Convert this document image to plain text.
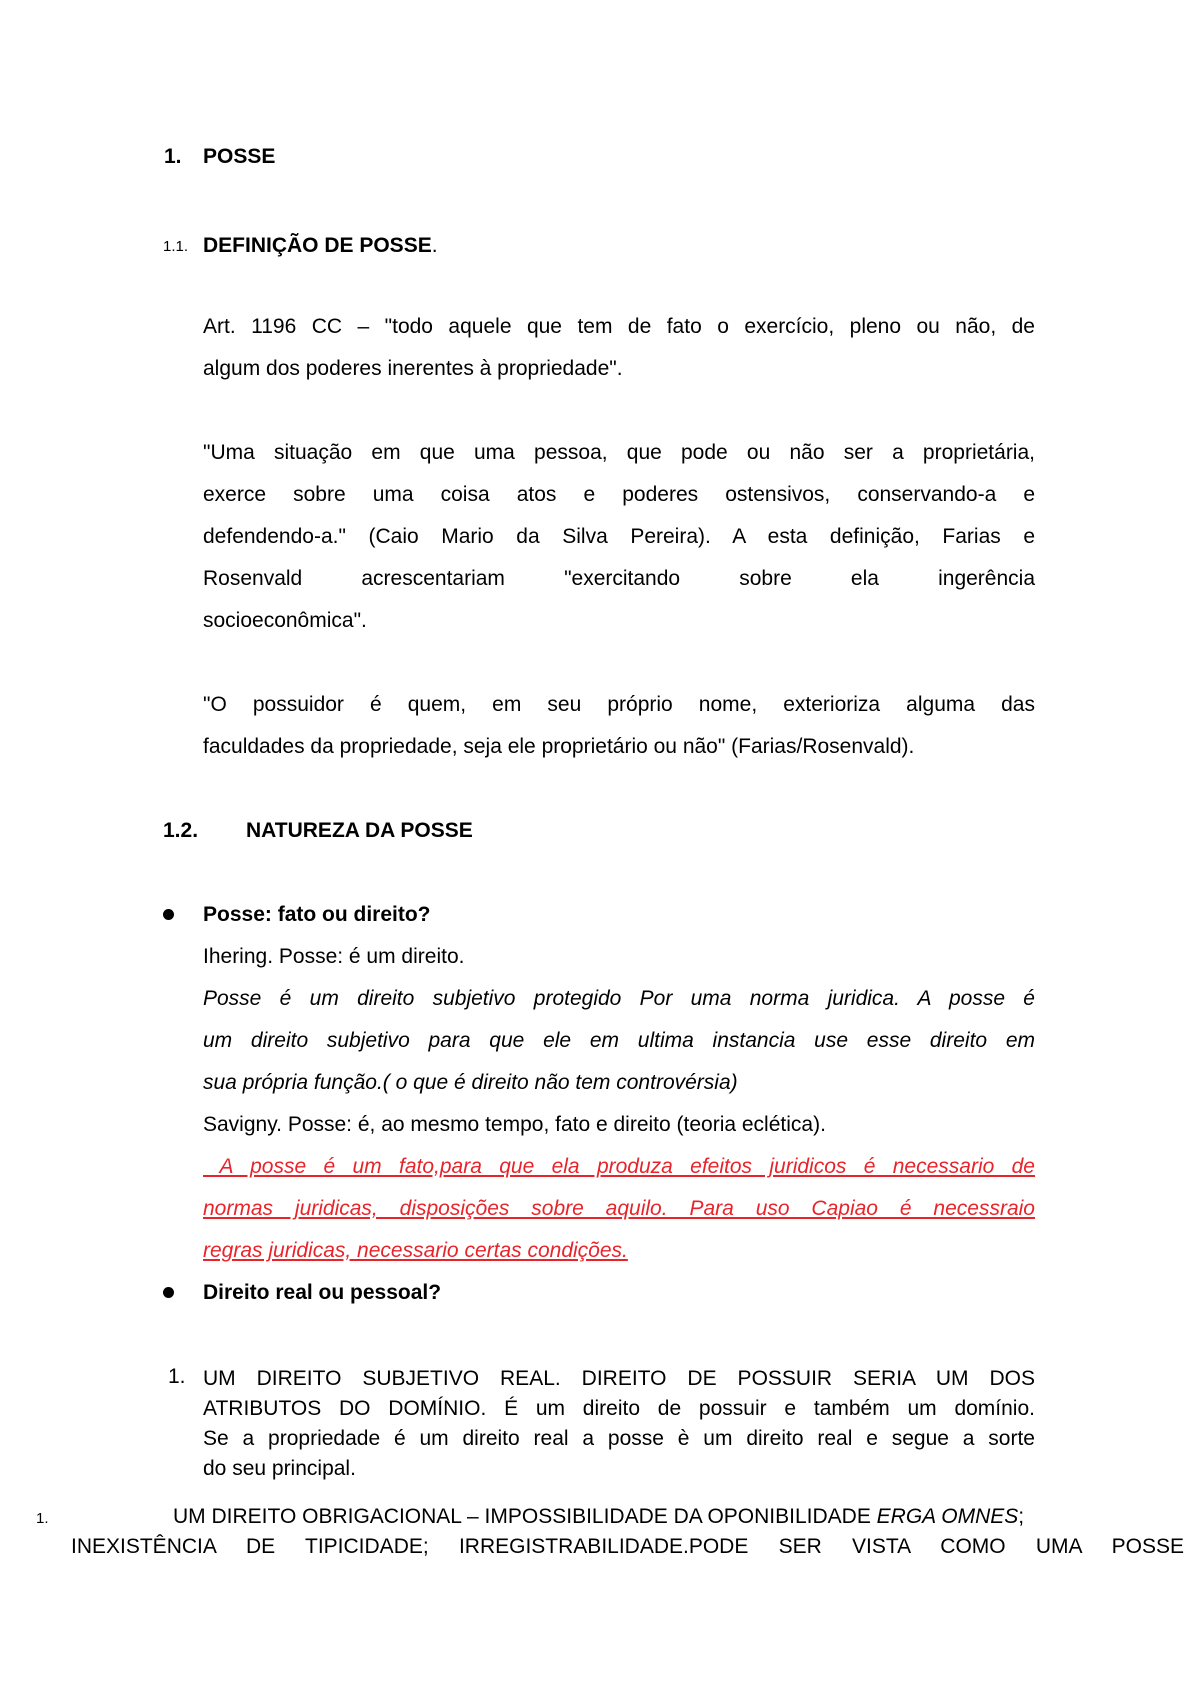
1. POSSE
1.1. DEFINIÇÃO DE POSSE.
Art. 1196 CC – "todo aquele que tem de fato o exercício, pleno ou não, de
algum dos poderes inerentes à propriedade".
"Uma situação em que uma pessoa, que pode ou não ser a proprietária,
exerce sobre uma coisa atos e poderes ostensivos, conservando-a e
defendendo-a." (Caio Mario da Silva Pereira). A esta definição, Farias e
Rosenvald acrescentariam "exercitando sobre ela ingerência
socioeconômica".
"O possuidor é quem, em seu próprio nome, exterioriza alguma das
faculdades da propriedade, seja ele proprietário ou não" (Farias/Rosenvald).
1.2. NATUREZA DA POSSE
Posse: fato ou direito?
Ihering. Posse: é um direito.
Posse é um direito subjetivo protegido Por uma norma juridica. A posse é
um direito subjetivo para que ele em ultima instancia use esse direito em
sua própria função.( o que é direito não tem controvérsia)
Savigny. Posse: é, ao mesmo tempo, fato e direito (teoria eclética).
A posse é um fato,para que ela produza efeitos juridicos é necessario de
normas juridicas, disposições sobre aquilo. Para uso Capiao é necessraio
regras juridicas, necessario certas condições.
Direito real ou pessoal?
1. UM DIREITO SUBJETIVO REAL. DIREITO DE POSSUIR SERIA UM DOS
ATRIBUTOS DO DOMÍNIO. É um direito de possuir e também um domínio.
Se a propriedade é um direito real a posse è um direito real e segue a sorte
do seu principal.
1.	UM DIREITO OBRIGACIONAL – IMPOSSIBILIDADE DA OPONIBILIDADE ERGA OMNES;
INEXISTÊNCIA DE TIPICIDADE; IRREGISTRABILIDADE.PODE SER VISTA COMO UMA POSSE
